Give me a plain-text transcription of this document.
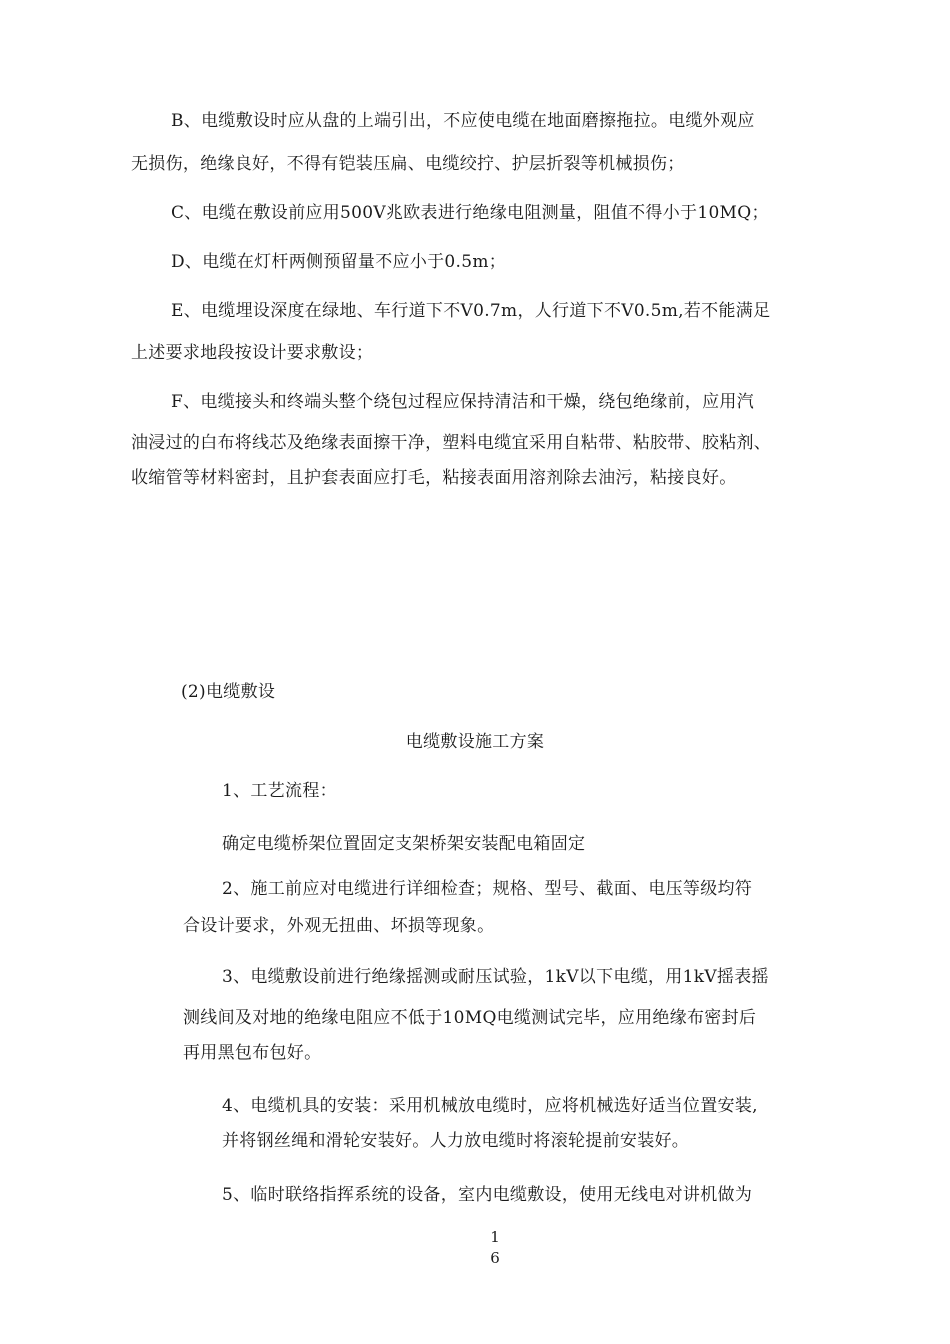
B、电缆敷设时应从盘的上端引出，不应使电缆在地面磨擦拖拉。电缆外观应
无损伤，绝缘良好，不得有铠装压扁、电缆绞拧、护层折裂等机械损伤；
C、电缆在敷设前应用500V兆欧表进行绝缘电阻测量，阻值不得小于10MQ；
D、电缆在灯杆两侧预留量不应小于0.5m；
E、电缆埋设深度在绿地、车行道下不V0.7m，人行道下不V0.5m,若不能满足
上述要求地段按设计要求敷设；
F、电缆接头和终端头整个绕包过程应保持清洁和干燥，绕包绝缘前，应用汽
油浸过的白布将线芯及绝缘表面擦干净，塑料电缆宜采用自粘带、粘胶带、胶粘剂、
收缩管等材料密封，且护套表面应打毛，粘接表面用溶剂除去油污，粘接良好。
(2)电缆敷设
电缆敷设施工方案
1、工艺流程：
确定电缆桥架位置固定支架桥架安装配电箱固定
2、施工前应对电缆进行详细检查；规格、型号、截面、电压等级均符
合设计要求，外观无扭曲、坏损等现象。
3、电缆敷设前进行绝缘摇测或耐压试验，1kV以下电缆，用1kV摇表摇
测线间及对地的绝缘电阻应不低于10MQ电缆测试完毕，应用绝缘布密封后
再用黑包布包好。
4、电缆机具的安装：采用机械放电缆时，应将机械选好适当位置安装,
并将钢丝绳和滑轮安装好。人力放电缆时将滚轮提前安装好。
5、临时联络指挥系统的设备，室内电缆敷设，使用无线电对讲机做为
1
6
